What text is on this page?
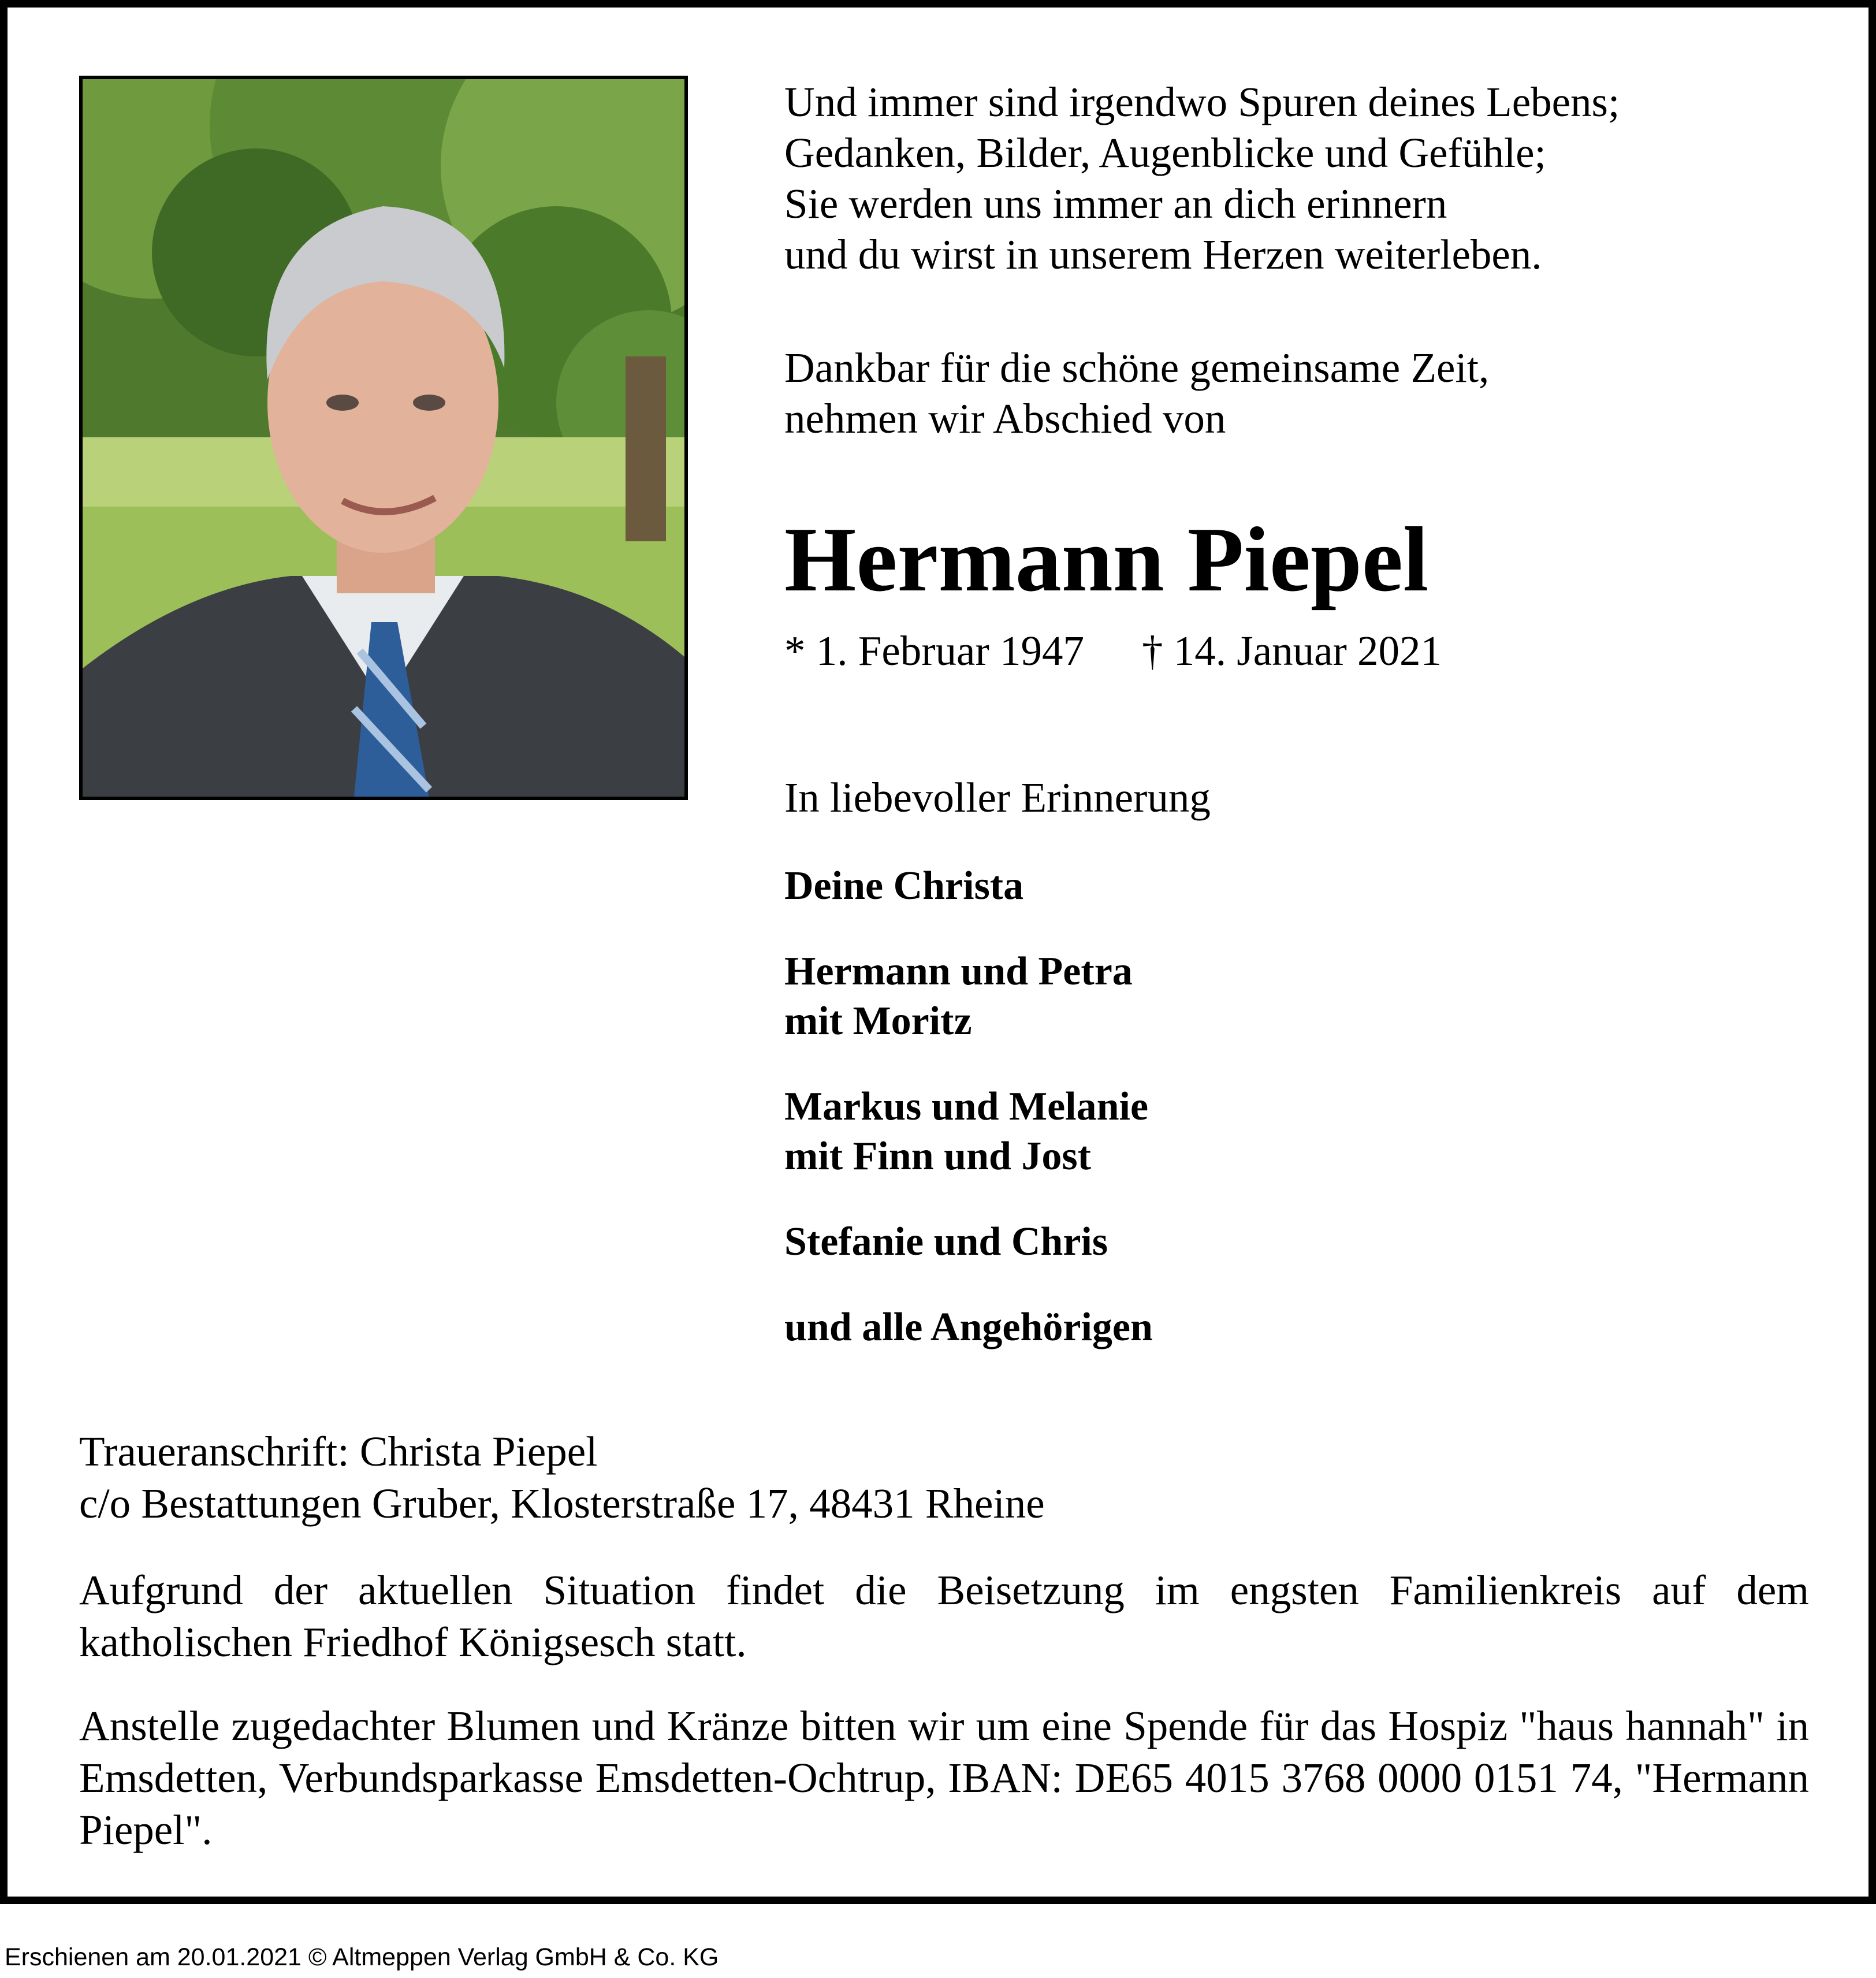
Und immer sind irgendwo Spuren deines Lebens;
Gedanken, Bilder, Augenblicke und Gefühle;
Sie werden uns immer an dich erinnern
und du wirst in unserem Herzen weiterleben.
Dankbar für die schöne gemeinsame Zeit,
nehmen wir Abschied von
Hermann Piepel
* 1. Februar 1947 † 14. Januar 2021
In liebevoller Erinnerung
Deine Christa
Hermann und Petra
mit Moritz
Markus und Melanie
mit Finn und Jost
Stefanie und Chris
und alle Angehörigen
Traueranschrift: Christa Piepel
c/o Bestattungen Gruber, Klosterstraße 17, 48431 Rheine
Aufgrund der aktuellen Situation findet die Beisetzung im engsten Familienkreis auf dem katholischen Friedhof Königsesch statt.
Anstelle zugedachter Blumen und Kränze bitten wir um eine Spende für das Hospiz "haus hannah" in Emsdetten, Verbundsparkasse Emsdetten-Ochtrup, IBAN: DE65 4015 3768 0000 0151 74, "Hermann Piepel".
Erschienen am 20.01.2021 © Altmeppen Verlag GmbH & Co. KG
